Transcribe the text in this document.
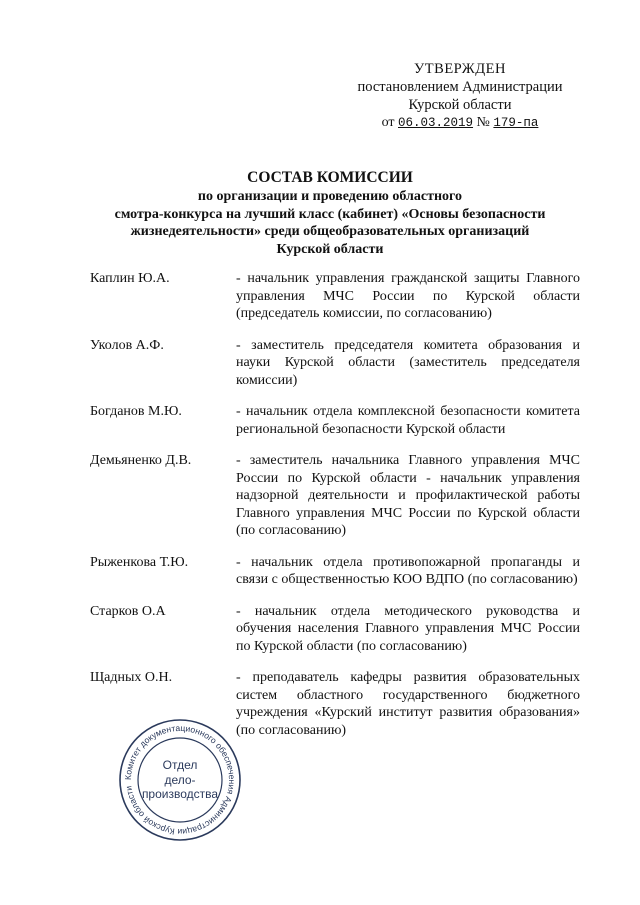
УТВЕРЖДЕН
постановлением Администрации
Курской области
от 06.03.2019 № 179-па
СОСТАВ КОМИССИИ
по организации и проведению областного
смотра-конкурса на лучший класс (кабинет) «Основы безопасности
жизнедеятельности» среди общеобразовательных организаций
Курской области
Каплин Ю.А.	- начальник управления гражданской защиты Главного управления МЧС России по Курской области (председатель комиссии, по согласованию)
Уколов А.Ф.	- заместитель председателя комитета образования и науки Курской области (заместитель председателя комиссии)
Богданов М.Ю.	- начальник отдела комплексной безопасности комитета региональной безопасности Курской области
Демьяненко Д.В.	- заместитель начальника Главного управления МЧС России по Курской области - начальник управления надзорной деятельности и профилактической работы Главного управления МЧС России по Курской области (по согласованию)
Рыженкова Т.Ю.	- начальник отдела противопожарной пропаганды и связи с общественностью КОО ВДПО (по согласованию)
Старков О.А	- начальник отдела методического руководства и обучения населения Главного управления МЧС России по Курской области (по согласованию)
Щадных О.Н.	- преподаватель кафедры развития образовательных систем областного государственного бюджетного учреждения «Курский институт развития образования» (по согласованию)
Комитет документационного обеспечения Администрации Курской области
Отдел
дело-
производства
